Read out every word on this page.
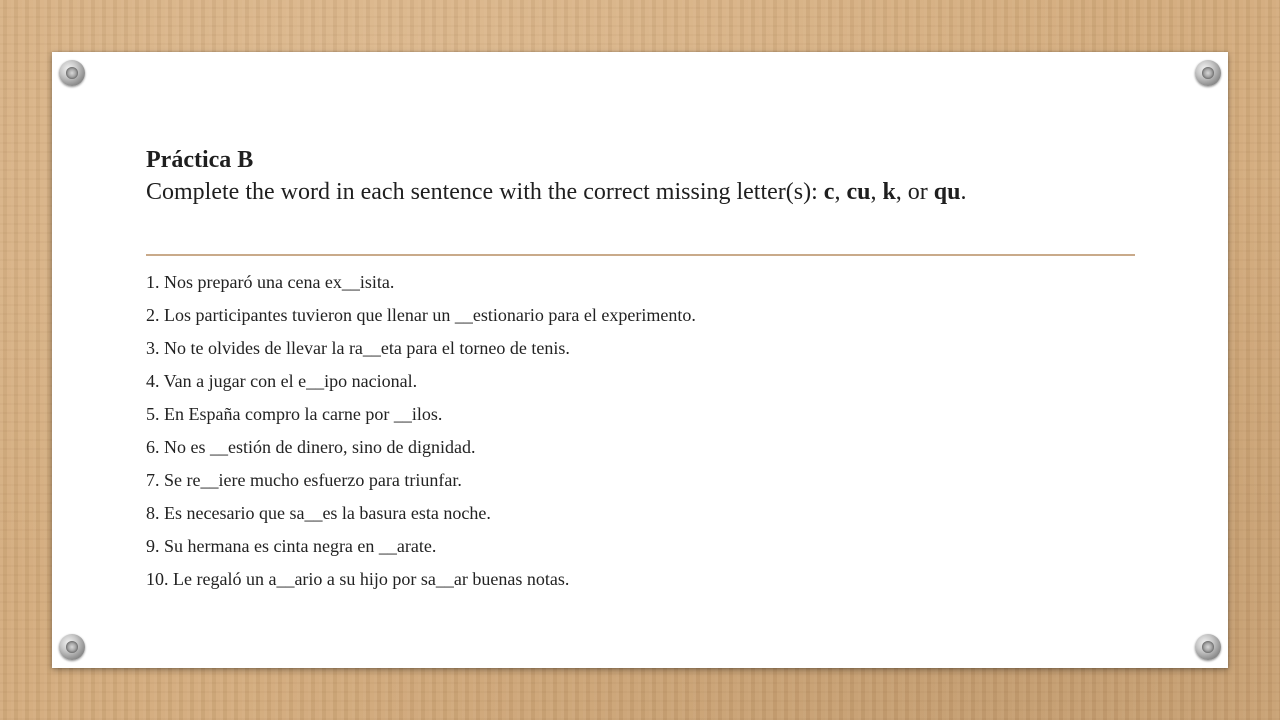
Práctica B
Complete the word in each sentence with the correct missing letter(s): c, cu, k, or qu.
1. Nos preparó una cena ex__isita.
2. Los participantes tuvieron que llenar un __estionario para el experimento.
3. No te olvides de llevar la ra__eta para el torneo de tenis.
4. Van a jugar con el e__ipo nacional.
5. En España compro la carne por __ilos.
6. No es __estión de dinero, sino de dignidad.
7. Se re__iere mucho esfuerzo para triunfar.
8. Es necesario que sa__es la basura esta noche.
9. Su hermana es cinta negra en __arate.
10. Le regaló un a__ario a su hijo por sa__ar buenas notas.
